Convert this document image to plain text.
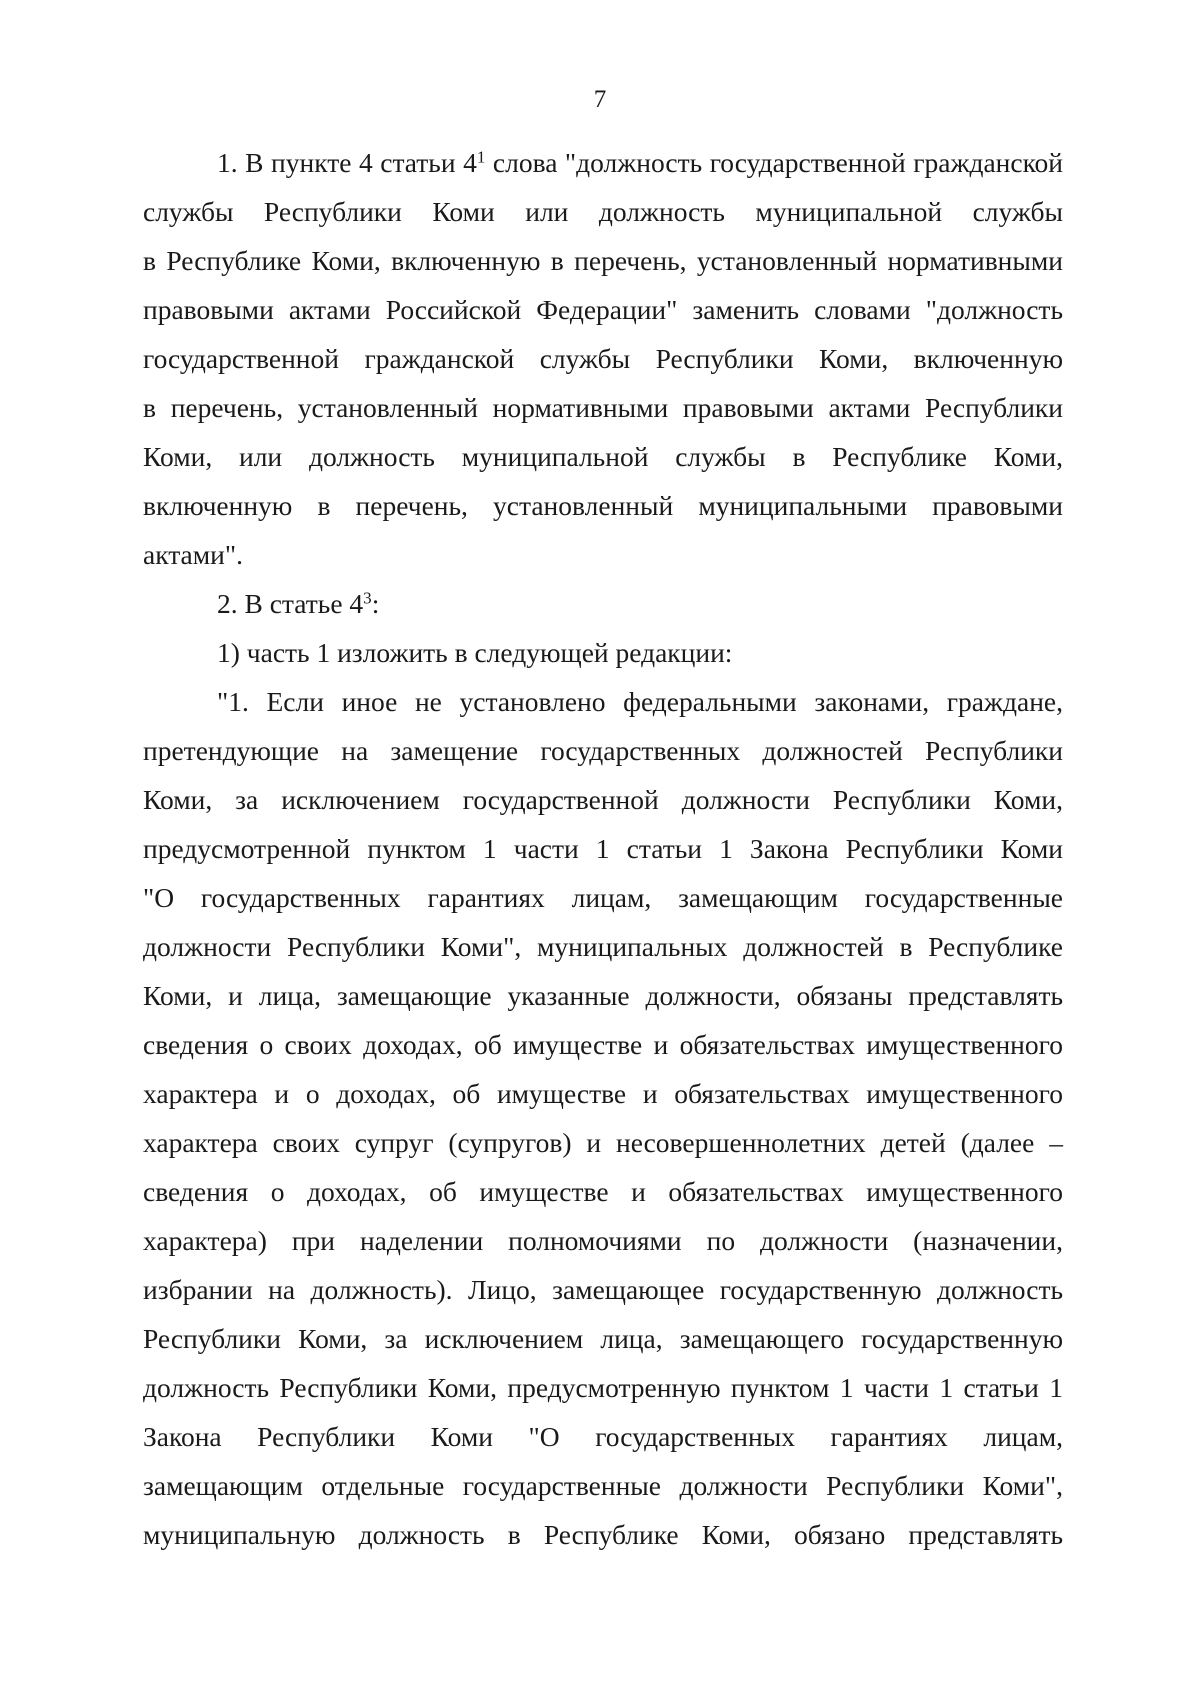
7
1. В пункте 4 статьи $4^1$ слова "должность государственной гражданской
службы Республики Коми или должность муниципальной службы
в Республике Коми, включенную в перечень, установленный нормативными
правовыми актами Российской Федерации" заменить словами "должность
государственной гражданской службы Республики Коми, включенную
в перечень, установленный нормативными правовыми актами Республики
Коми, или должность муниципальной службы в Республике Коми,
включенную в перечень, установленный муниципальными правовыми
актами".
2. В статье $4^3$:
1) часть 1 изложить в следующей редакции:
"1. Если иное не установлено федеральными законами, граждане,
претендующие на замещение государственных должностей Республики
Коми, за исключением государственной должности Республики Коми,
предусмотренной пунктом 1 части 1 статьи 1 Закона Республики Коми
"О государственных гарантиях лицам, замещающим государственные
должности Республики Коми", муниципальных должностей в Республике
Коми, и лица, замещающие указанные должности, обязаны представлять
сведения о своих доходах, об имуществе и обязательствах имущественного
характера и о доходах, об имуществе и обязательствах имущественного
характера своих супруг (супругов) и несовершеннолетних детей (далее –
сведения о доходах, об имуществе и обязательствах имущественного
характера) при наделении полномочиями по должности (назначении,
избрании на должность). Лицо, замещающее государственную должность
Республики Коми, за исключением лица, замещающего государственную
должность Республики Коми, предусмотренную пунктом 1 части 1 статьи 1
Закона Республики Коми "О государственных гарантиях лицам,
замещающим отдельные государственные должности Республики Коми",
муниципальную должность в Республике Коми, обязано представлять
